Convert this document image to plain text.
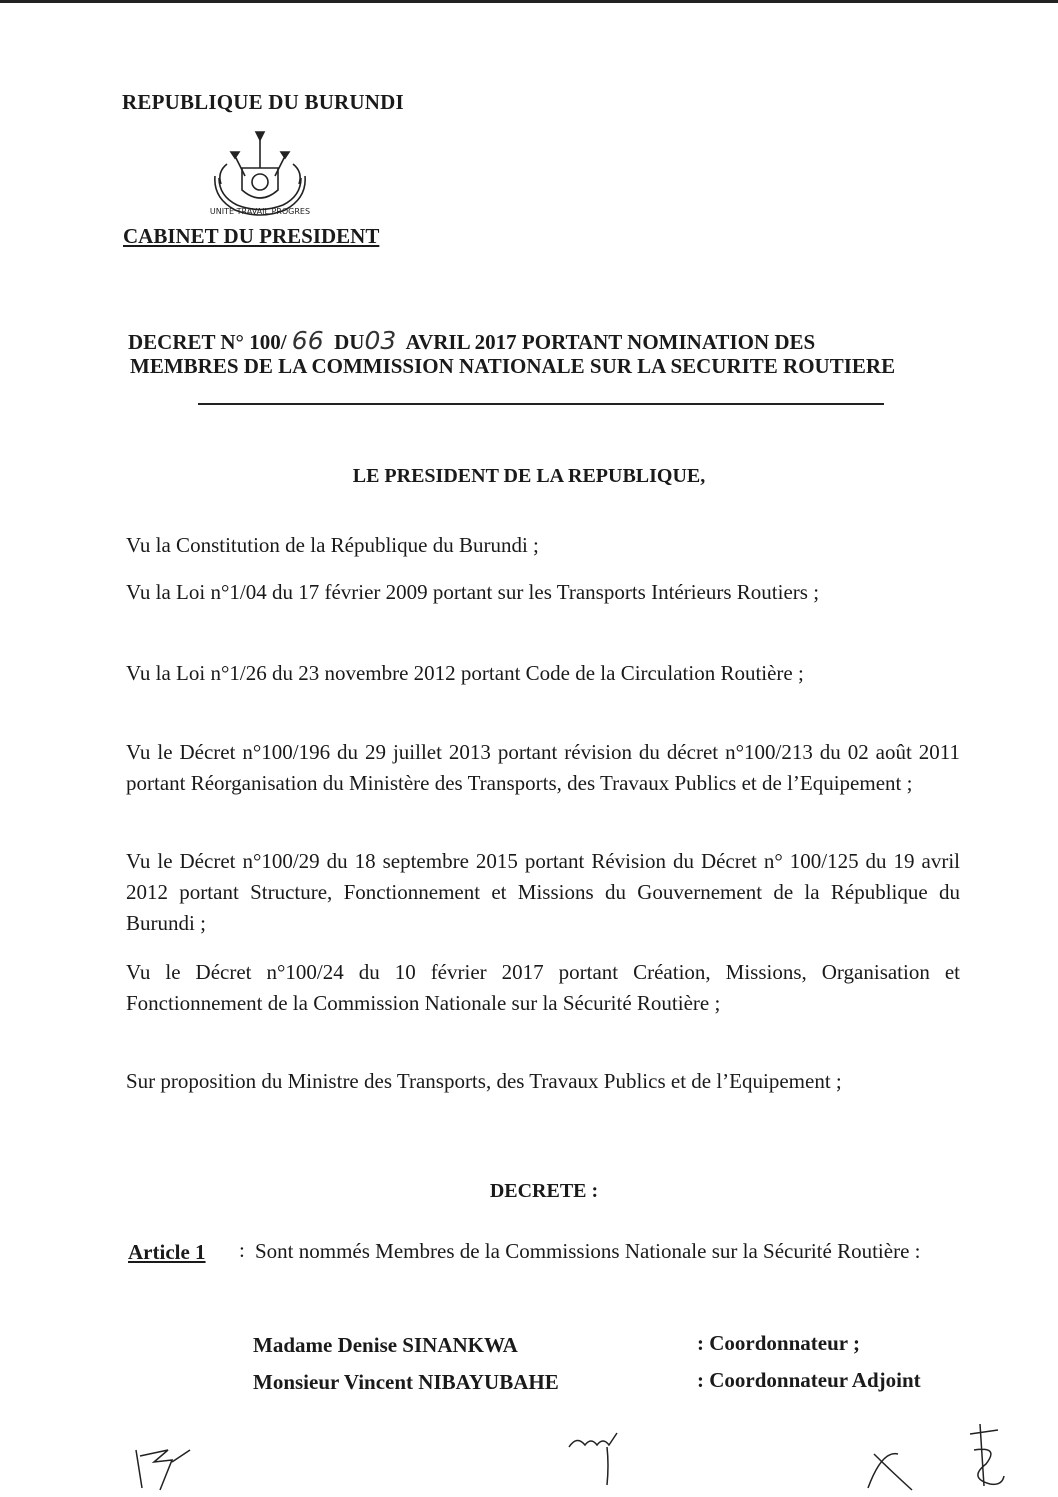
REPUBLIQUE DU BURUNDI
UNITE TRAVAIL PROGRES
CABINET DU PRESIDENT
DECRET N° 100/ 66 DU03 AVRIL 2017 PORTANT NOMINATION DES
MEMBRES DE LA COMMISSION NATIONALE SUR LA SECURITE ROUTIERE
LE PRESIDENT DE LA REPUBLIQUE,
Vu la Constitution de la République du Burundi ;
Vu la Loi n°1/04 du 17 février 2009 portant sur les Transports Intérieurs Routiers ;
Vu la Loi n°1/26 du 23 novembre 2012 portant Code de la Circulation Routière ;
Vu le Décret n°100/196 du 29 juillet 2013 portant révision du décret n°100/213 du 02 août 2011 portant Réorganisation du Ministère des Transports, des Travaux Publics et de l’Equipement ;
Vu le Décret n°100/29 du 18 septembre 2015 portant Révision du Décret n° 100/125 du 19 avril 2012 portant Structure, Fonctionnement et Missions du Gouvernement de la République du Burundi ;
Vu le Décret n°100/24 du 10 février 2017 portant Création, Missions, Organisation et Fonctionnement de la Commission Nationale sur la Sécurité Routière ;
Sur proposition du Ministre des Transports, des Travaux Publics et de l’Equipement ;
DECRETE :
Article 1 : Sont nommés Membres de la Commissions Nationale sur la Sécurité Routière :
Madame Denise SINANKWA	: Coordonnateur ;
Monsieur Vincent NIBAYUBAHE	: Coordonnateur Adjoint
